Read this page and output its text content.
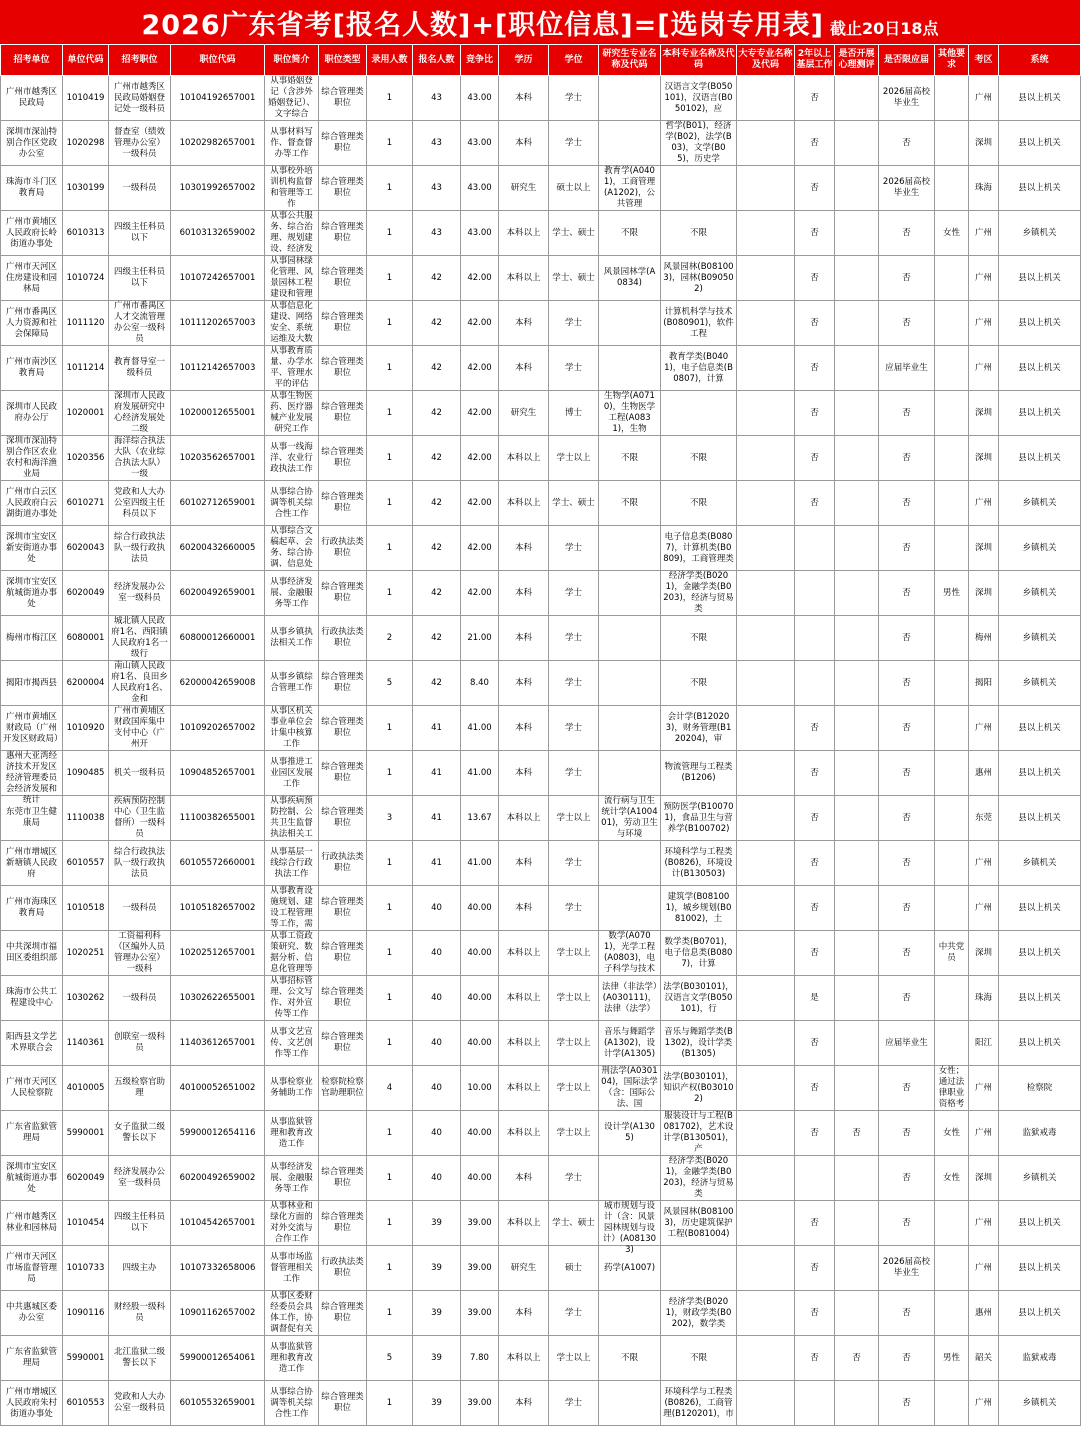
2026广东省考[报名人数]+[职位信息]=[选岗专用表] 截止20日18点
招考单位	单位代码	招考职位	职位代码	职位简介	职位类型	录用人数	报名人数	竞争比	学历	学位	研究生专业名称及代码	本科专业名称及代码	大专专业名称及代码	2年以上基层工作	是否开展心理测评	是否限应届	其他要求	考区	系统

广州市越秀区民政局	1010419	广州市越秀区民政局婚姻登记处一级科员	10104192657001	从事婚姻登记（含涉外婚姻登记）、文字综合	综合管理类职位	1	43	43.00	本科	学士		汉语言文学(B050101)，汉语言(B050102)，应		否		2026届高校毕业生		广州	县以上机关

深圳市深汕特别合作区党政办公室	1020298	督查室（绩效管理办公室）一级科员	10202982657001	从事材料写作、督查督办等工作	综合管理类职位	1	43	43.00	本科	学士		哲学(B01)，经济学(B02)，法学(B03)，文学(B05)，历史学		否		否		深圳	县以上机关

珠海市斗门区教育局	1030199	一级科员	10301992657002	从事校外培训机构监督和管理等工作	综合管理类职位	1	43	43.00	研究生	硕士以上	教育学(A0401)，工商管理(A1202)，公共管理			否		2026届高校毕业生		珠海	县以上机关

广州市黄埔区人民政府长岭街道办事处	6010313	四级主任科员以下	60103132659002	从事公共服务、综合治理、规划建设、经济发	综合管理类职位	1	43	43.00	本科以上	学士、硕士	不限	不限		否		否	女性	广州	乡镇机关

广州市天河区住房建设和园林局	1010724	四级主任科员以下	10107242657001	从事园林绿化管理、风景园林工程建设和管理	综合管理类职位	1	42	42.00	本科以上	学士、硕士	风景园林学(A0834)	风景园林(B081003)，园林(B090502)		否		否		广州	县以上机关

广州市番禺区人力资源和社会保障局	1011120	广州市番禺区人才交流管理办公室一级科员	10111202657003	从事信息化建设、网络安全、系统运维及大数	综合管理类职位	1	42	42.00	本科	学士		计算机科学与技术(B080901)，软件工程		否		否		广州	县以上机关

广州市南沙区教育局	1011214	教育督导室一级科员	10112142657003	从事教育质量、办学水平、管理水平的评估	综合管理类职位	1	42	42.00	本科	学士		教育学类(B0401)，电子信息类(B0807)，计算		否		应届毕业生		广州	县以上机关

深圳市人民政府办公厅	1020001	深圳市人民政府发展研究中心经济发展处二级	10200012655001	从事生物医药、医疗器械产业发展研究工作	综合管理类职位	1	42	42.00	研究生	博士	生物学(A0710)，生物医学工程(A0831)，生物			否		否		深圳	县以上机关

深圳市深汕特别合作区农业农村和海洋渔业局	1020356	海洋综合执法大队（农业综合执法大队）一级	10203562657001	从事一线海洋、农业行政执法工作	综合管理类职位	1	42	42.00	本科以上	学士以上	不限	不限		否		否		深圳	县以上机关

广州市白云区人民政府白云湖街道办事处	6010271	党政和人大办公室四级主任科员以下	60102712659001	从事综合协调等机关综合性工作	综合管理类职位	1	42	42.00	本科以上	学士、硕士	不限	不限		否		否		广州	乡镇机关

深圳市宝安区新安街道办事处	6020043	综合行政执法队一级行政执法员	60200432660005	从事综合文稿起草、会务、综合协调、信息处	行政执法类职位	1	42	42.00	本科	学士		电子信息类(B0807)，计算机类(B0809)，工商管理类				否		深圳	乡镇机关

深圳市宝安区航城街道办事处	6020049	经济发展办公室一级科员	60200492659001	从事经济发展、金融服务等工作	综合管理类职位	1	42	42.00	本科	学士		经济学类(B0201)，金融学类(B0203)，经济与贸易类				否	男性	深圳	乡镇机关

梅州市梅江区	6080001	城北镇人民政府1名、西阳镇人民政府1名一级行	60800012660001	从事乡镇执法相关工作	行政执法类职位	2	42	21.00	本科	学士		不限				否		梅州	乡镇机关

揭阳市揭西县	6200004	南山镇人民政府1名、良田乡人民政府1名、金和	62000042659008	从事乡镇综合管理工作	综合管理类职位	5	42	8.40	本科	学士		不限				否		揭阳	乡镇机关

广州市黄埔区财政局（广州开发区财政局）	1010920	广州市黄埔区财政国库集中支付中心（广州开	10109202657002	从事区机关事业单位会计集中核算工作	综合管理类职位	1	41	41.00	本科	学士		会计学(B120203)，财务管理(B120204)，审		否		否		广州	县以上机关

惠州大亚湾经济技术开发区经济管理委员会经济发展和统计	1090485	机关一级科员	10904852657001	从事推进工业园区发展工作	综合管理类职位	1	41	41.00	本科	学士		物流管理与工程类(B1206)		否		否		惠州	县以上机关

东莞市卫生健康局	1110038	疾病预防控制中心（卫生监督所）一级科员	11100382655001	从事疾病预防控制、公共卫生监督执法相关工	综合管理类职位	3	41	13.67	本科以上	学士以上	流行病与卫生统计学(A100401)，劳动卫生与环境	预防医学(B100701)，食品卫生与营养学(B100702)		否		否		东莞	县以上机关

广州市增城区新塘镇人民政府	6010557	综合行政执法队一级行政执法员	60105572660001	从事基层一线综合行政执法工作	行政执法类职位	1	41	41.00	本科	学士		环境科学与工程类(B0826)，环境设计(B130503)		否		否		广州	乡镇机关

广州市海珠区教育局	1010518	一级科员	10105182657002	从事教育设施规划、建设工程管理等工作，需	综合管理类职位	1	40	40.00	本科	学士		建筑学(B081001)，城乡规划(B081002)，土		否		否		广州	县以上机关

中共深圳市福田区委组织部	1020251	工资福利科（区编外人员管理办公室）一级科	10202512657001	从事工资政策研究、数据分析、信息化管理等	综合管理类职位	1	40	40.00	本科以上	学士以上	数学(A0701)，光学工程(A0803)，电子科学与技术	数学类(B0701)，电子信息类(B0807)，计算		否		否	中共党员	深圳	县以上机关

珠海市公共工程建设中心	1030262	一级科员	10302622655001	从事招标管理、公文写作、对外宣传等工作	综合管理类职位	1	40	40.00	本科以上	学士以上	法律（非法学）(A030111)，法律（法学）	法学(B030101)，汉语言文学(B050101)，行		是		否		珠海	县以上机关

阳西县文学艺术界联合会	1140361	创联室一级科员	11403612657001	从事文艺宣传、文艺创作等工作	综合管理类职位	1	40	40.00	本科以上	学士以上	音乐与舞蹈学(A1302)，设计学(A1305)	音乐与舞蹈学类(B1302)，设计学类(B1305)		否		应届毕业生		阳江	县以上机关

广州市天河区人民检察院	4010005	五级检察官助理	40100052651002	从事检察业务辅助工作	检察院检察官助理职位	4	40	10.00	本科以上	学士以上	刑法学(A030104)，国际法学（含：国际公法、国	法学(B030101)，知识产权(B030102)		否		否	女性；通过法律职业资格考	广州	检察院

广东省监狱管理局	5990001	女子监狱二级警长以下	59900012654116	从事监狱管理和教育改造工作		1	40	40.00	本科以上	学士以上	设计学(A1305)	服装设计与工程(B081702)，艺术设计学(B130501)，产		否	否	否	女性	广州	监狱戒毒

深圳市宝安区航城街道办事处	6020049	经济发展办公室一级科员	60200492659002	从事经济发展、金融服务等工作	综合管理类职位	1	40	40.00	本科	学士		经济学类(B0201)，金融学类(B0203)，经济与贸易类				否	女性	深圳	乡镇机关

广州市越秀区林业和园林局	1010454	四级主任科员以下	10104542657001	从事林业和绿化方面的对外交流与合作工作	综合管理类职位	1	39	39.00	本科以上	学士、硕士	城市规划与设计（含：风景园林规划与设计）(A081303)	风景园林(B081003)，历史建筑保护工程(B081004)		否		否		广州	县以上机关

广州市天河区市场监督管理局	1010733	四级主办	10107332658006	从事市场监督管理相关工作	行政执法类职位	1	39	39.00	研究生	硕士	药学(A1007)			否		2026届高校毕业生		广州	县以上机关

中共惠城区委办公室	1090116	财经股一级科员	10901162657002	从事区委财经委员会具体工作，协调督促有关	综合管理类职位	1	39	39.00	本科	学士		经济学类(B0201)，财政学类(B0202)，数学类		否		否		惠州	县以上机关

广东省监狱管理局	5990001	北江监狱二级警长以下	59900012654061	从事监狱管理和教育改造工作		5	39	7.80	本科以上	学士以上	不限	不限		否	否	否	男性	韶关	监狱戒毒

广州市增城区人民政府朱村街道办事处	6010553	党政和人大办公室一级科员	60105532659001	从事综合协调等机关综合性工作	综合管理类职位	1	39	39.00	本科	学士		环境科学与工程类(B0826)，工商管理(B120201)，市				否		广州	乡镇机关
